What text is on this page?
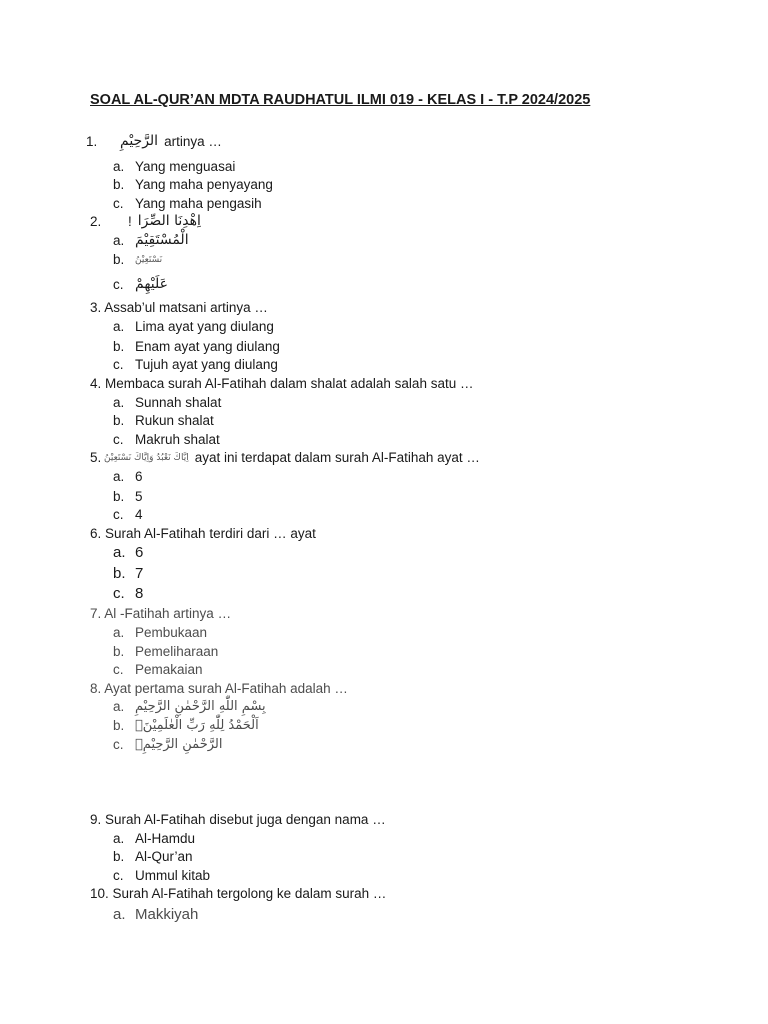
SOAL AL-QUR’AN MDTA RAUDHATUL ILMI 019 - KELAS I - T.P 2024/2025
1.	الرَّحِيْمِ artinya …
a. Yang menguasai
b. Yang maha penyayang
c. Yang maha pengasih
2.	! اِهْدِنَا الصِّرَا
a. الْمُسْتَقِيْمَ
b.	نَسْتَعِيْنُ
c. عَلَيْهِمْ
3. Assab’ul matsani artinya …
a. Lima ayat yang diulang
b. Enam ayat yang diulang
c. Tujuh ayat yang diulang
4. Membaca surah Al-Fatihah dalam shalat adalah salah satu …
a. Sunnah shalat
b. Rukun shalat
c. Makruh shalat
5. اِيَّاكَ نَعْبُدُ وَاِيَّاكَ نَسْتَعِيْنُ ayat ini terdapat dalam surah Al-Fatihah ayat …
a. 6
b. 5
c. 4
6. Surah Al-Fatihah terdiri dari … ayat
a. 6
b. 7
c. 8
7. Al -Fatihah artinya …
a. Pembukaan
b. Pemeliharaan
c. Pemakaian
8. Ayat pertama surah Al-Fatihah adalah …
a. بِسْمِ اللّٰهِ الرَّحْمٰنِ الرَّحِيْمِ
b. اَلْحَمْدُ لِلّٰهِ رَبِّ الْعٰلَمِيْنَۙ
c. الرَّحْمٰنِ الرَّحِيْمِۙ
9. Surah Al-Fatihah disebut juga dengan nama …
a. Al-Hamdu
b. Al-Qur’an
c. Ummul kitab
10. Surah Al-Fatihah tergolong ke dalam surah …
a. Makkiyah
